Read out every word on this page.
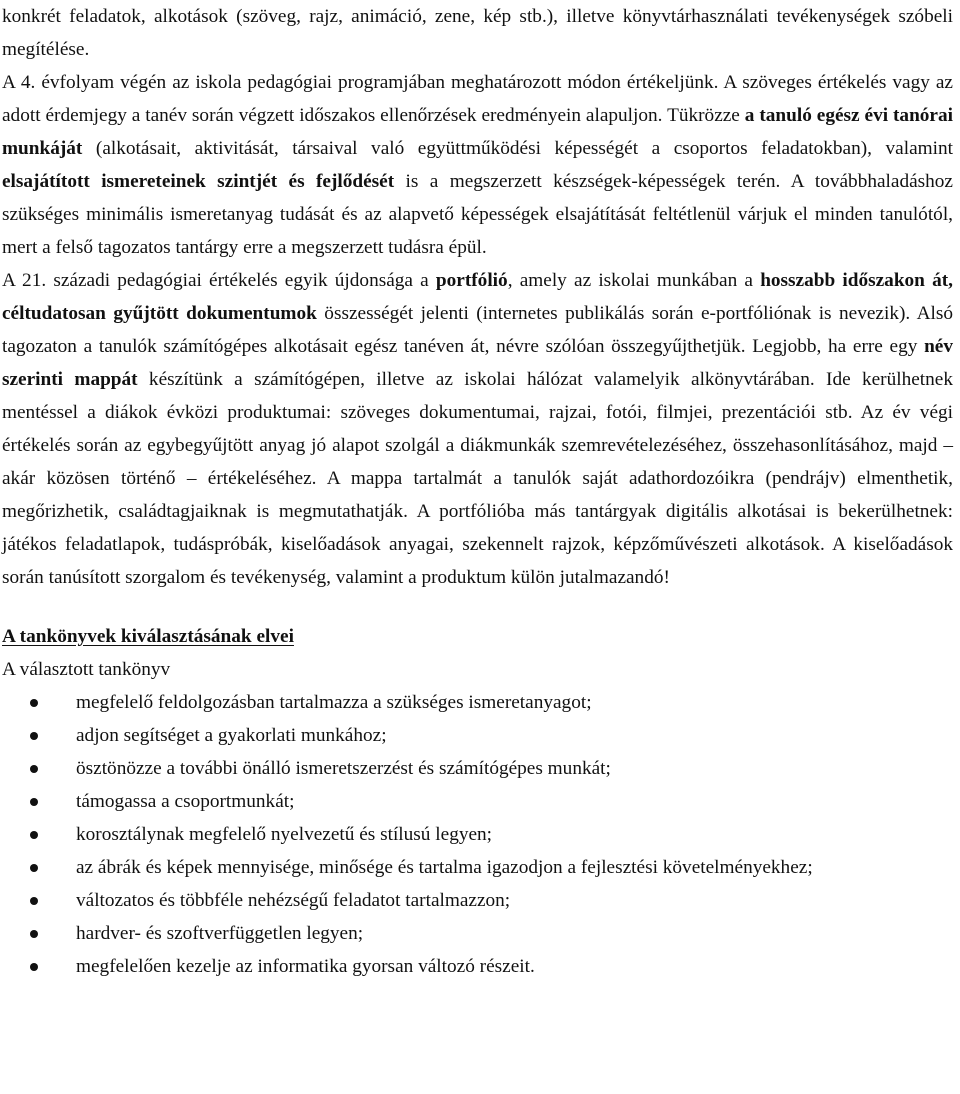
konkrét feladatok, alkotások (szöveg, rajz, animáció, zene, kép stb.), illetve könyvtárhasználati tevékenységek szóbeli megítélése.

A 4. évfolyam végén az iskola pedagógiai programjában meghatározott módon értékeljünk. A szöveges értékelés vagy az adott érdemjegy a tanév során végzett időszakos ellenőrzések eredményein alapuljon. Tükrözze a tanuló egész évi tanórai munkáját (alkotásait, aktivitását, társaival való együttműködési képességét a csoportos feladatokban), valamint elsajátított ismereteinek szintjét és fejlődését is a megszerzett készségek-képességek terén. A továbbhaladáshoz szükséges minimális ismeretanyag tudását és az alapvető képességek elsajátítását feltétlenül várjuk el minden tanulótól, mert a felső tagozatos tantárgy erre a megszerzett tudásra épül.

A 21. századi pedagógiai értékelés egyik újdonsága a portfólió, amely az iskolai munkában a hosszabb időszakon át, céltudatosan gyűjtött dokumentumok összességét jelenti (internetes publikálás során e-portfóliónak is nevezik). Alsó tagozaton a tanulók számítógépes alkotásait egész tanéven át, névre szólóan összegyűjthetjük. Legjobb, ha erre egy név szerinti mappát készítünk a számítógépen, illetve az iskolai hálózat valamelyik alkönyvtárában. Ide kerülhetnek mentéssel a diákok évközi produktumai: szöveges dokumentumai, rajzai, fotói, filmjei, prezentációi stb. Az év végi értékelés során az egybegyűjtött anyag jó alapot szolgál a diákmunkák szemrevételezéséhez, összehasonlításához, majd – akár közösen történő – értékeléséhez. A mappa tartalmát a tanulók saját adathordozóikra (pendrájv) elmenthetik, megőrizhetik, családtagjaiknak is megmutathatják. A portfólióba más tantárgyak digitális alkotásai is bekerülhetnek: játékos feladatlapok, tudáspróbák, kiselőadások anyagai, szekennelt rajzok, képzőművészeti alkotások. A kiselőadások során tanúsított szorgalom és tevékenység, valamint a produktum külön jutalmazandó!

A tankönyvek kiválasztásának elvei

A választott tankönyv

megfelelő feldolgozásban tartalmazza a szükséges ismeretanyagot;
adjon segítséget a gyakorlati munkához;
ösztönözze a további önálló ismeretszerzést és számítógépes munkát;
támogassa a csoportmunkát;
korosztálynak megfelelő nyelvezetű és stílusú legyen;
az ábrák és képek mennyisége, minősége és tartalma igazodjon a fejlesztési követelményekhez;
változatos és többféle nehézségű feladatot tartalmazzon;
hardver- és szoftverfüggetlen legyen;
megfelelően kezelje az informatika gyorsan változó részeit.
